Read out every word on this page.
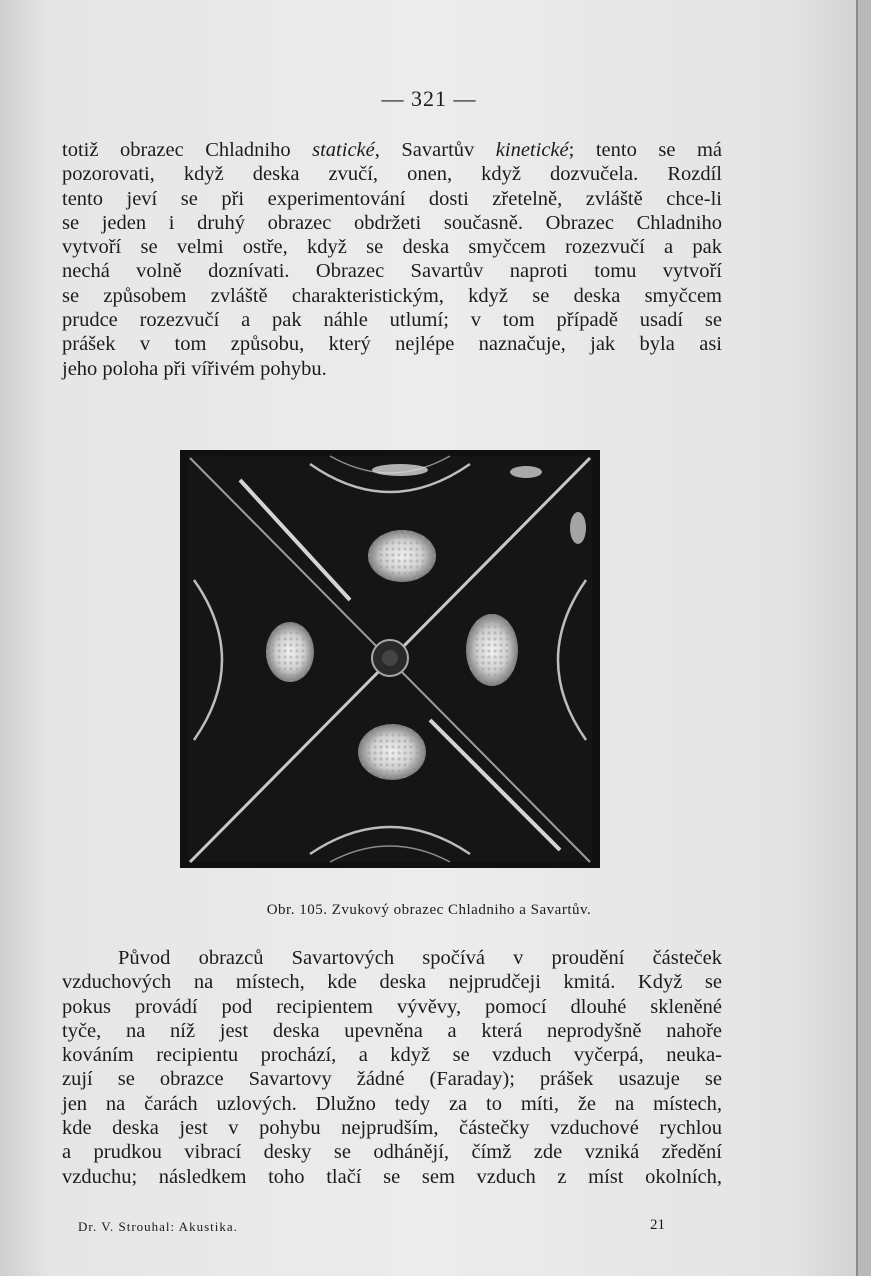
— 321 —
totiž obrazec Chladniho statické, Savartův kinetické; tento se má
pozorovati, když deska zvučí, onen, když dozvučela. Rozdíl
tento jeví se při experimentování dosti zřetelně, zvláště chce-li
se jeden i druhý obrazec obdržeti současně. Obrazec Chladniho
vytvoří se velmi ostře, když se deska smyčcem rozezvučí a pak
nechá volně doznívati. Obrazec Savartův naproti tomu vytvoří
se způsobem zvláště charakteristickým, když se deska smyčcem
prudce rozezvučí a pak náhle utlumí; v tom případě usadí se
prášek v tom způsobu, který nejlépe naznačuje, jak byla asi
jeho poloha při vířivém pohybu.
Obr. 105. Zvukový obrazec Chladniho a Savartův.
Původ obrazců Savartových spočívá v proudění částeček
vzduchových na místech, kde deska nejprudčeji kmitá. Když se
pokus provádí pod recipientem vývěvy, pomocí dlouhé skleněné
tyče, na níž jest deska upevněna a která neprodyšně nahoře
kováním recipientu prochází, a když se vzduch vyčerpá, neuka-
zují se obrazce Savartovy žádné (Faraday); prášek usazuje se
jen na čarách uzlových. Dlužno tedy za to míti, že na místech,
kde deska jest v pohybu nejprudším, částečky vzduchové rychlou
a prudkou vibrací desky se odhánějí, čímž zde vzniká zředění
vzduchu; následkem toho tlačí se sem vzduch z míst okolních,
Dr. V. Strouhal: Akustika.	21
